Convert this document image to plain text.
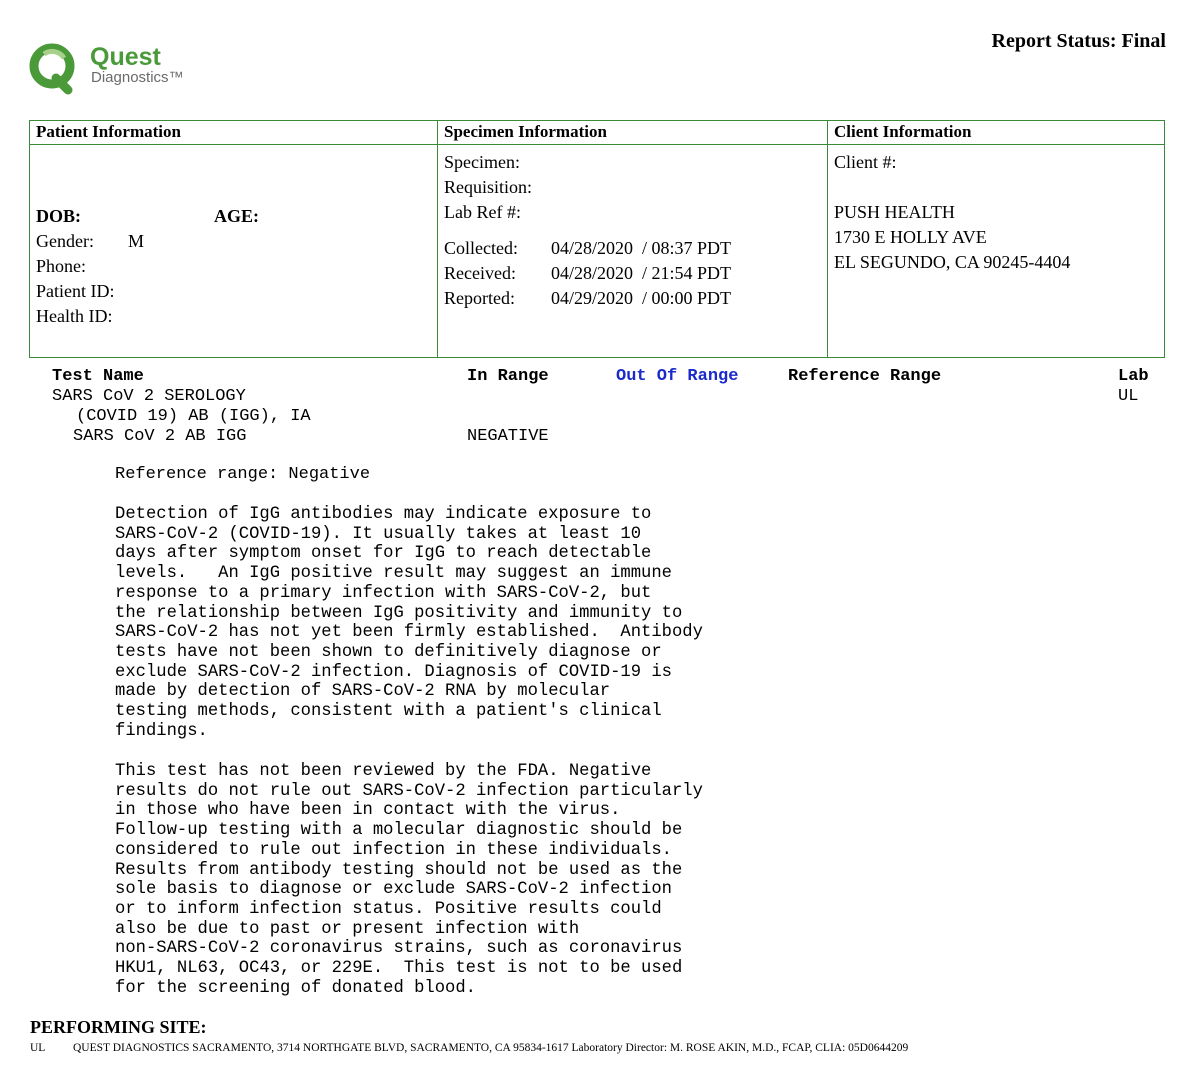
Quest
Diagnostics™
Report Status: Final
Patient Information
DOB:	AGE:
Gender: M
Phone:
Patient ID:
Health ID:
Specimen Information
Specimen:
Requisition:
Lab Ref #:
Collected: 04/28/2020  / 08:37 PDT
Received: 04/28/2020  / 21:54 PDT
Reported: 04/29/2020  / 00:00 PDT
Client Information
Client #:
PUSH HEALTH
1730 E HOLLY AVE
EL SEGUNDO, CA 90245-4404
Test Name	In Range	Out Of Range	Reference Range	Lab
SARS CoV 2 SEROLOGY	UL
(COVID 19) AB (IGG), IA
SARS CoV 2 AB IGG	NEGATIVE
Reference range: Negative
Detection of IgG antibodies may indicate exposure to
SARS-CoV-2 (COVID-19). It usually takes at least 10
days after symptom onset for IgG to reach detectable
levels.   An IgG positive result may suggest an immune
response to a primary infection with SARS-CoV-2, but
the relationship between IgG positivity and immunity to
SARS-CoV-2 has not yet been firmly established.  Antibody
tests have not been shown to definitively diagnose or
exclude SARS-CoV-2 infection. Diagnosis of COVID-19 is
made by detection of SARS-CoV-2 RNA by molecular
testing methods, consistent with a patient's clinical
findings.
This test has not been reviewed by the FDA. Negative
results do not rule out SARS-CoV-2 infection particularly
in those who have been in contact with the virus.
Follow-up testing with a molecular diagnostic should be
considered to rule out infection in these individuals.
Results from antibody testing should not be used as the
sole basis to diagnose or exclude SARS-CoV-2 infection
or to inform infection status. Positive results could
also be due to past or present infection with
non-SARS-CoV-2 coronavirus strains, such as coronavirus
HKU1, NL63, OC43, or 229E.  This test is not to be used
for the screening of donated blood.
PERFORMING SITE:
UL QUEST DIAGNOSTICS SACRAMENTO, 3714 NORTHGATE BLVD, SACRAMENTO, CA 95834-1617 Laboratory Director: M. ROSE AKIN, M.D., FCAP, CLIA: 05D0644209
